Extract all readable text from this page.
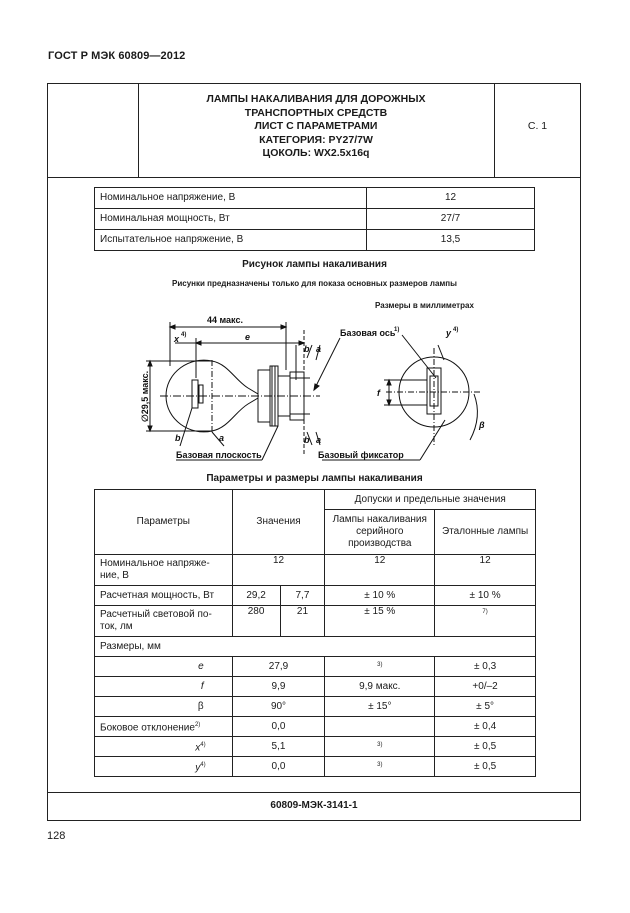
ГОСТ Р МЭК 60809—2012
ЛАМПЫ НАКАЛИВАНИЯ ДЛЯ ДОРОЖНЫХ
ТРАНСПОРТНЫХ СРЕДСТВ
ЛИСТ С ПАРАМЕТРАМИ
КАТЕГОРИЯ: PY27/7W
ЦОКОЛЬ: WX2.5x16q
С. 1
Номинальное напряжение, В	12
Номинальная мощность, Вт	27/7
Испытательное напряжение, В	13,5
Рисунок лампы накаливания
Рисунки предназначены только для показа основных размеров лампы
Размеры в миллиметрах
44 макс.
x 4)	e
∅29,5 макс.
b	a
b a
b a
Базовая плоскость
Базовая ось
1)	y 4)
f
β
Базовый фиксатор
Параметры и размеры лампы накаливания
Параметры	Значения		Допуски и предельные значения	
			Лампы накаливания серийного производства	Эталонные лампы
Номинальное напряже-ние, В	12		12	12
Расчетная мощность, Вт	29,2	7,7	± 10 %	± 10 %
Расчетный световой по-ток, лм	280	21	± 15 %	$^{7)}$
Размеры, мм				
e	27,9		$^{3)}$	± 0,3
f	9,9		9,9 макс.	+0/–2
β	90°		± 15°	± 5°
Боковое отклонение$^{2)}$	0,0			± 0,4
$x^{4)}$	5,1		$^{3)}$	± 0,5
$y^{4)}$	0,0		$^{3)}$	± 0,5
60809-МЭК-3141-1
128
